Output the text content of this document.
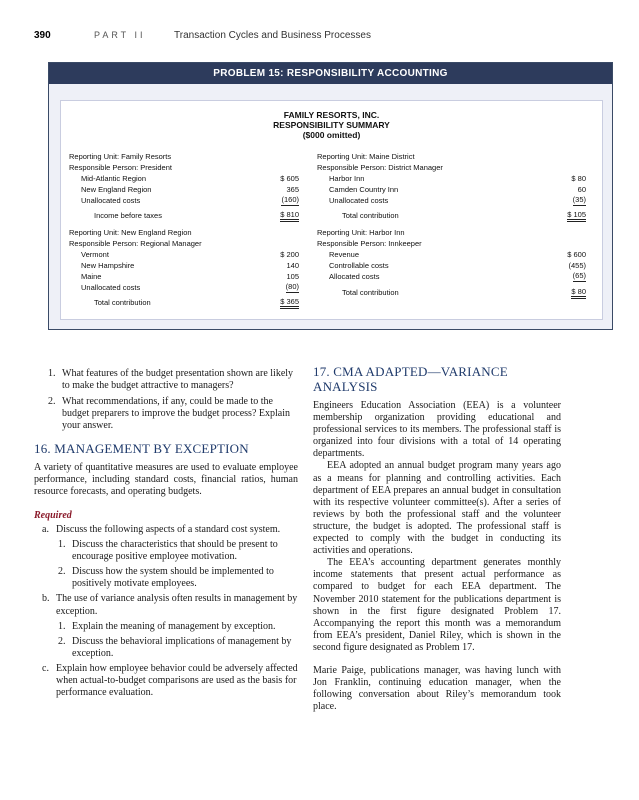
390	PART II	Transaction Cycles and Business Processes
PROBLEM 15: RESPONSIBILITY ACCOUNTING
FAMILY RESORTS, INC.
RESPONSIBILITY SUMMARY
($000 omitted)
Reporting Unit: Family Resorts
Responsible Person: President
Mid-Atlantic Region	$ 605
New England Region	365
Unallocated costs	(160)
Income before taxes	$ 810
Reporting Unit: New England Region
Responsible Person: Regional Manager
Vermont	$ 200
New Hampshire	140
Maine	105
Unallocated costs	(80)
Total contribution	$ 365
Reporting Unit: Maine District
Responsible Person: District Manager
Harbor Inn	$ 80
Camden Country Inn	60
Unallocated costs	(35)
Total contribution	$ 105
Reporting Unit: Harbor Inn
Responsible Person: Innkeeper
Revenue	$ 600
Controllable costs	(455)
Allocated costs	(65)
Total contribution	$ 80
1. What features of the budget presentation shown are likely to make the budget attractive to managers?
2. What recommendations, if any, could be made to the budget preparers to improve the budget process? Explain your answer.
16. MANAGEMENT BY EXCEPTION
A variety of quantitative measures are used to evaluate employee performance, including standard costs, financial ratios, human resource forecasts, and operating budgets.
Required
a. Discuss the following aspects of a standard cost system.
1. Discuss the characteristics that should be present to encourage positive employee motivation.
2. Discuss how the system should be implemented to positively motivate employees.
b. The use of variance analysis often results in management by exception.
1. Explain the meaning of management by exception.
2. Discuss the behavioral implications of management by exception.
c. Explain how employee behavior could be adversely affected when actual-to-budget comparisons are used as the basis for performance evaluation.
17. CMA ADAPTED—VARIANCE ANALYSIS
Engineers Education Association (EEA) is a volunteer membership organization providing educational and professional services to its members. The professional staff is organized into four divisions with a total of 14 operating departments.
EEA adopted an annual budget program many years ago as a means for planning and controlling activities. Each department of EEA prepares an annual budget in consultation with its respective volunteer committee(s). After a series of reviews by both the professional staff and the volunteer structure, the budget is adopted. The professional staff is expected to comply with the budget in conducting its activities and operations.
The EEA’s accounting department generates monthly income statements that present actual performance as compared to budget for each EEA department. The November 2010 statement for the publications department is shown in the first figure designated Problem 17. Accompanying the report this month was a memorandum from EEA’s president, Daniel Riley, which is shown in the second figure designated as Problem 17.
Marie Paige, publications manager, was having lunch with Jon Franklin, continuing education manager, when the following conversation about Riley’s memorandum took place.
